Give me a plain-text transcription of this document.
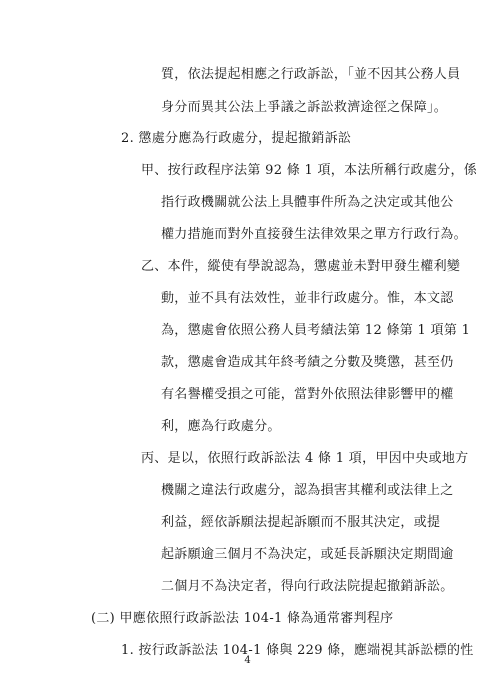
質，依法提起相應之行政訴訟，「並不因其公務人員
身分而異其公法上爭議之訴訟救濟途徑之保障」。
2. 懲處分應為行政處分，提起撤銷訴訟
甲、按行政程序法第 92 條 1 項，本法所稱行政處分，係
指行政機關就公法上具體事件所為之決定或其他公
權力措施而對外直接發生法律效果之單方行政行為。
乙、本件，縱使有學說認為，懲處並未對甲發生權利變
動，並不具有法效性，並非行政處分。惟，本文認
為，懲處會依照公務人員考績法第 12 條第 1 項第 1
款，懲處會造成其年終考績之分數及獎懲，甚至仍
有名譽權受損之可能，當對外依照法律影響甲的權
利，應為行政處分。
丙、是以，依照行政訴訟法 4 條 1 項，甲因中央或地方
機關之違法行政處分，認為損害其權利或法律上之
利益，經依訴願法提起訴願而不服其決定，或提
起訴願逾三個月不為決定，或延長訴願決定期間逾
二個月不為決定者，得向行政法院提起撤銷訴訟。
(二) 甲應依照行政訴訟法 104-1 條為通常審判程序
1. 按行政訴訟法 104-1 條與 229 條，應端視其訴訟標的性
4
